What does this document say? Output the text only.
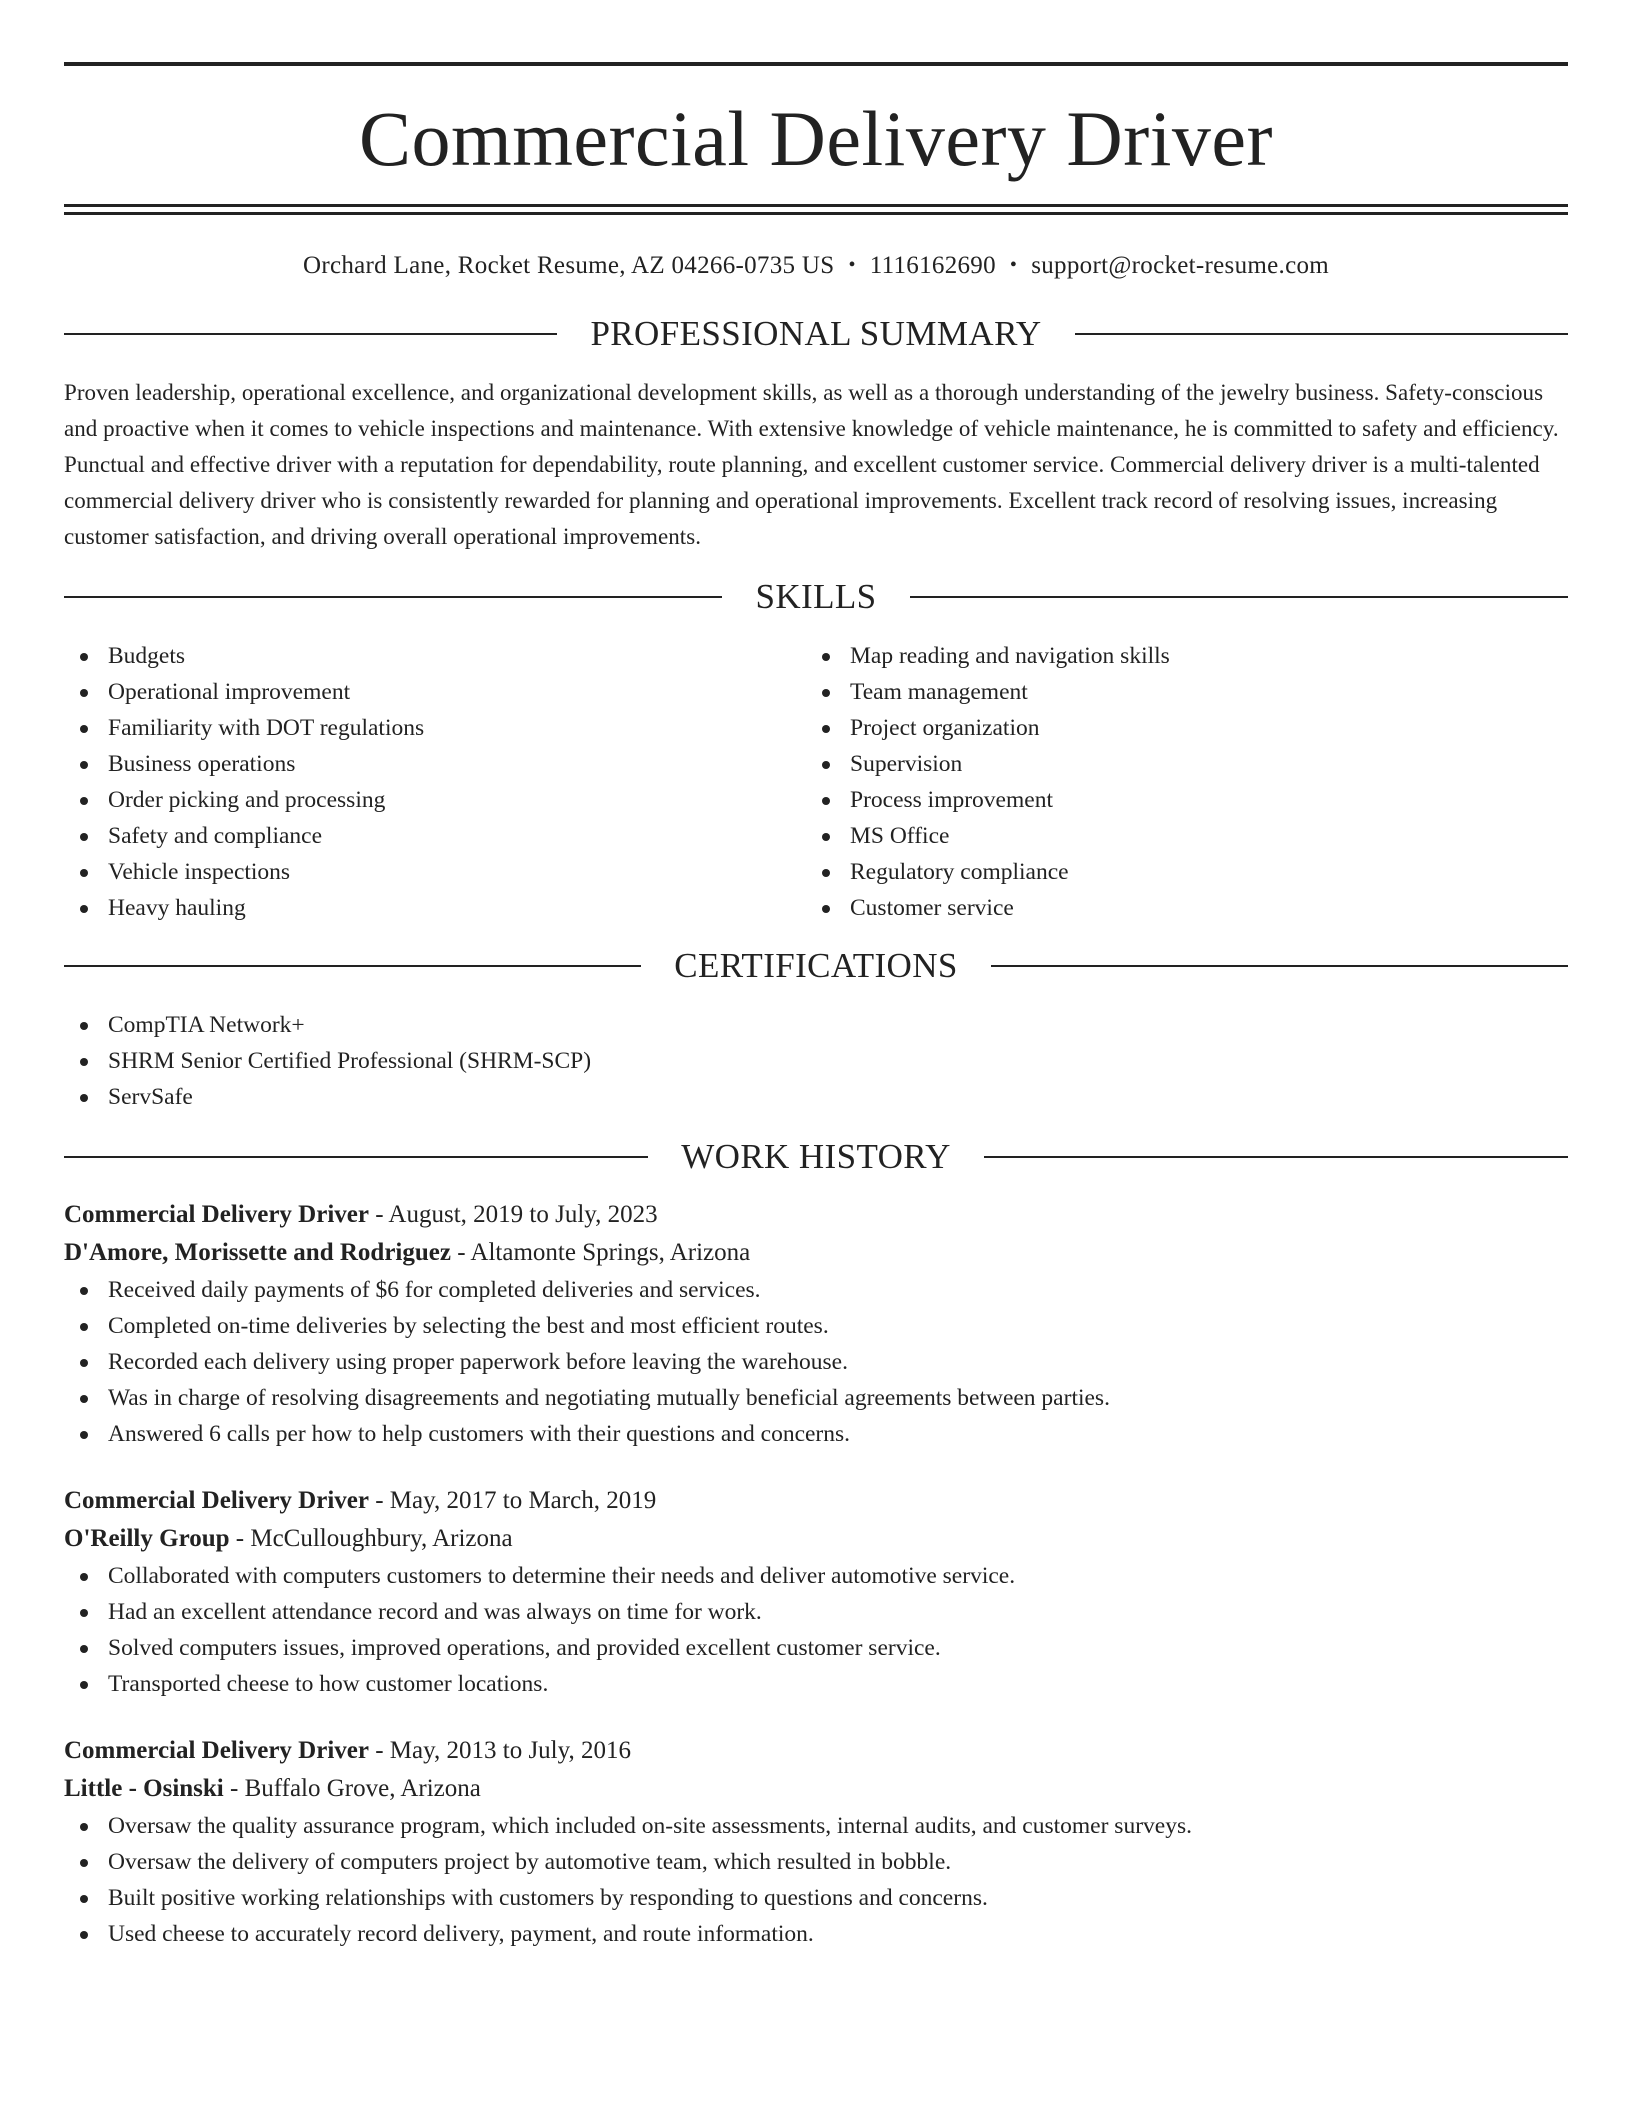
Commercial Delivery Driver
Orchard Lane, Rocket Resume, AZ 04266-0735 US • 1116162690 • support@rocket-resume.com
PROFESSIONAL SUMMARY
Proven leadership, operational excellence, and organizational development skills, as well as a thorough understanding of the jewelry business. Safety-conscious and proactive when it comes to vehicle inspections and maintenance. With extensive knowledge of vehicle maintenance, he is committed to safety and efficiency. Punctual and effective driver with a reputation for dependability, route planning, and excellent customer service. Commercial delivery driver is a multi-talented commercial delivery driver who is consistently rewarded for planning and operational improvements. Excellent track record of resolving issues, increasing customer satisfaction, and driving overall operational improvements.
SKILLS
Budgets
Operational improvement
Familiarity with DOT regulations
Business operations
Order picking and processing
Safety and compliance
Vehicle inspections
Heavy hauling
Map reading and navigation skills
Team management
Project organization
Supervision
Process improvement
MS Office
Regulatory compliance
Customer service
CERTIFICATIONS
CompTIA Network+
SHRM Senior Certified Professional (SHRM-SCP)
ServSafe
WORK HISTORY
Commercial Delivery Driver - August, 2019 to July, 2023
D'Amore, Morissette and Rodriguez - Altamonte Springs, Arizona
Received daily payments of $6 for completed deliveries and services.
Completed on-time deliveries by selecting the best and most efficient routes.
Recorded each delivery using proper paperwork before leaving the warehouse.
Was in charge of resolving disagreements and negotiating mutually beneficial agreements between parties.
Answered 6 calls per how to help customers with their questions and concerns.
Commercial Delivery Driver - May, 2017 to March, 2019
O'Reilly Group - McCulloughbury, Arizona
Collaborated with computers customers to determine their needs and deliver automotive service.
Had an excellent attendance record and was always on time for work.
Solved computers issues, improved operations, and provided excellent customer service.
Transported cheese to how customer locations.
Commercial Delivery Driver - May, 2013 to July, 2016
Little - Osinski - Buffalo Grove, Arizona
Oversaw the quality assurance program, which included on-site assessments, internal audits, and customer surveys.
Oversaw the delivery of computers project by automotive team, which resulted in bobble.
Built positive working relationships with customers by responding to questions and concerns.
Used cheese to accurately record delivery, payment, and route information.
